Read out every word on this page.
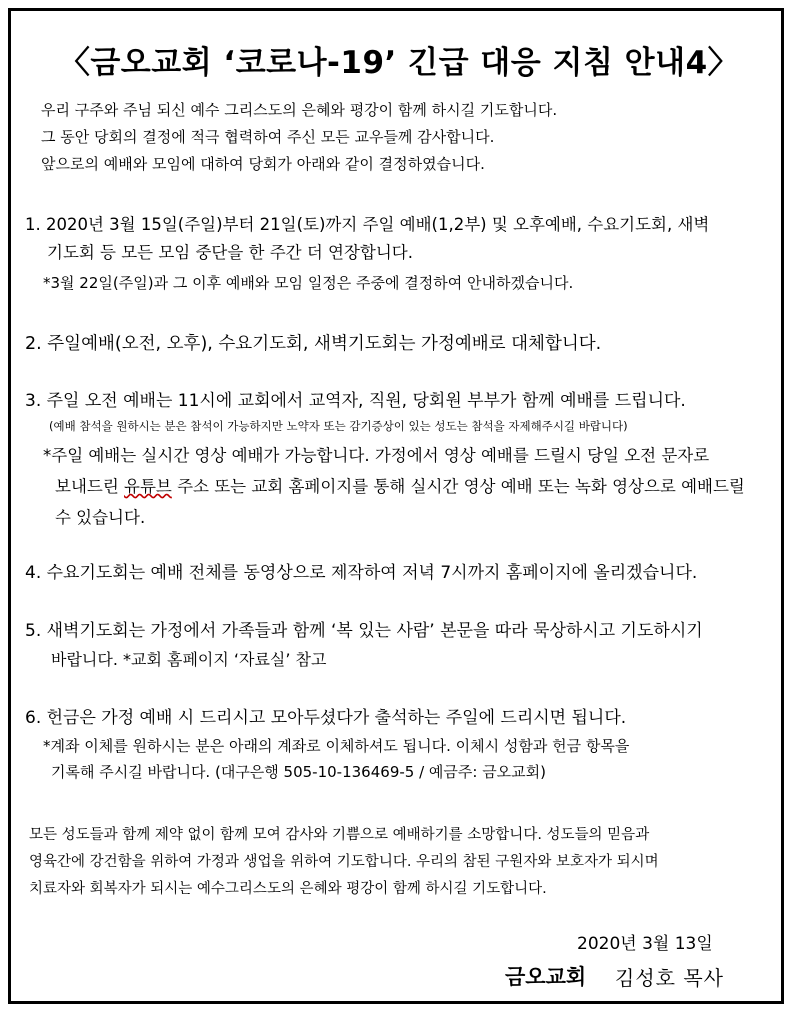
〈금오교회 ‘코로나-19’ 긴급 대응 지침 안내4〉
우리 구주와 주님 되신 예수 그리스도의 은혜와 평강이 함께 하시길 기도합니다.
그 동안 당회의 결정에 적극 협력하여 주신 모든 교우들께 감사합니다.
앞으로의 예배와 모임에 대하여 당회가 아래와 같이 결정하였습니다.
1. 2020년 3월 15일(주일)부터 21일(토)까지 주일 예배(1,2부) 및 오후예배, 수요기도회, 새벽
기도회 등 모든 모임 중단을 한 주간 더 연장합니다.
*3월 22일(주일)과 그 이후 예배와 모임 일정은 주중에 결정하여 안내하겠습니다.
2. 주일예배(오전, 오후), 수요기도회, 새벽기도회는 가정예배로 대체합니다.
3. 주일 오전 예배는 11시에 교회에서 교역자, 직원, 당회원 부부가 함께 예배를 드립니다.
(예배 참석을 원하시는 분은 참석이 가능하지만 노약자 또는 감기증상이 있는 성도는 참석을 자제해주시길 바랍니다)
*주일 예배는 실시간 영상 예배가 가능합니다. 가정에서 영상 예배를 드릴시 당일 오전 문자로
보내드린 유튜브 주소 또는 교회 홈페이지를 통해 실시간 영상 예배 또는 녹화 영상으로 예배드릴
수 있습니다.
4. 수요기도회는 예배 전체를 동영상으로 제작하여 저녁 7시까지 홈페이지에 올리겠습니다.
5. 새벽기도회는 가정에서 가족들과 함께 ‘복 있는 사람’ 본문을 따라 묵상하시고 기도하시기
바랍니다. *교회 홈페이지 ‘자료실’ 참고
6. 헌금은 가정 예배 시 드리시고 모아두셨다가 출석하는 주일에 드리시면 됩니다.
*계좌 이체를 원하시는 분은 아래의 계좌로 이체하셔도 됩니다. 이체시 성함과 헌금 항목을
기록해 주시길 바랍니다. (대구은행 505-10-136469-5 / 예금주: 금오교회)
모든 성도들과 함께 제약 없이 함께 모여 감사와 기쁨으로 예배하기를 소망합니다. 성도들의 믿음과
영육간에 강건함을 위하여 가정과 생업을 위하여 기도합니다. 우리의 참된 구원자와 보호자가 되시며
치료자와 회복자가 되시는 예수그리스도의 은혜와 평강이 함께 하시길 기도합니다.
2020년 3월 13일
금오교회 김성호 목사
